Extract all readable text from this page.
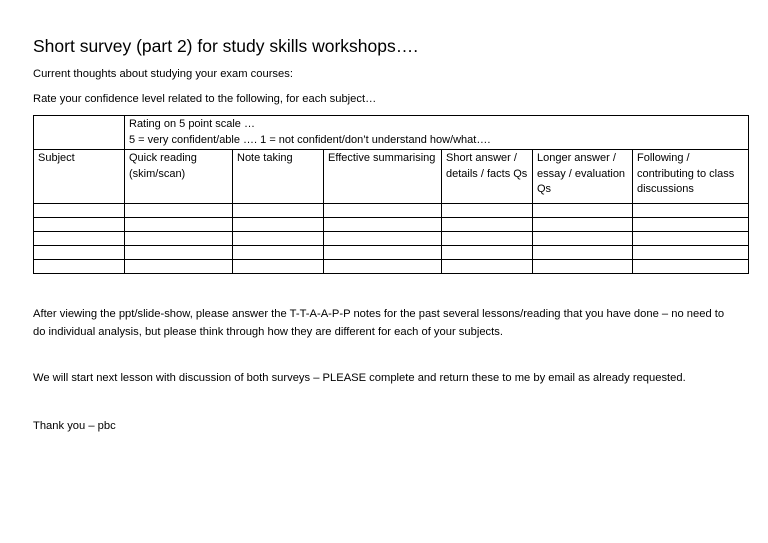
Short survey (part 2) for study skills workshops….
Current thoughts about studying your exam courses:
Rate your confidence level related to the following, for each subject…

	Rating on 5 point scale …
5 = very confident/able …. 1 = not confident/don’t understand how/what….					

Subject	Quick reading (skim/scan)	Note taking	Effective summarising	Short answer / details / facts Qs	Longer answer / essay / evaluation Qs	Following / contributing to class discussions

After viewing the ppt/slide-show, please answer the T-T-A-A-P-P notes for the past several lessons/reading that you have done – no need to do individual analysis, but please think through how they are different for each of your subjects.
We will start next lesson with discussion of both surveys – PLEASE complete and return these to me by email as already requested.
Thank you – pbc
